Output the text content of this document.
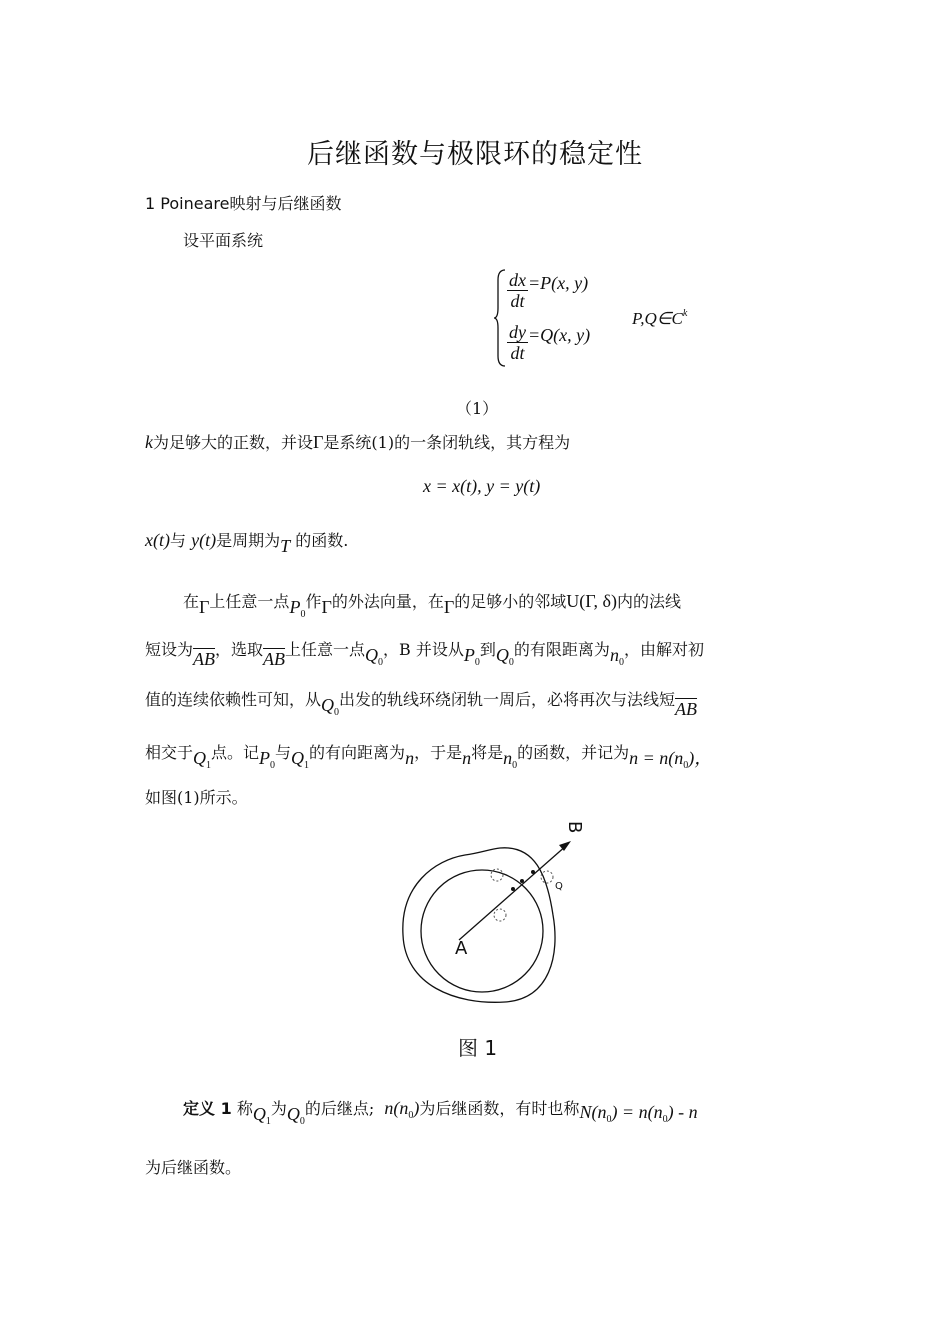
后继函数与极限环的稳定性
1 Poineare映射与后继函数
设平面系统
$\frac{dx}{dt} =P(x$, y)
$\frac{dy}{dt} =Q(x$, y)
$P,Q\in C^k$
（1）
k为足够大的正数，并设Γ是系统(1)的一条闭轨线，其方程为
x = x(t), y = y(t)
x(t)与 y(t)是周期为T 的函数.
在Γ上任意一点$P_0$作Γ的外法向量，在Γ的足够小的邻域U(Γ, δ)内的法线
短设为$\overline{AB}$，选取$\overline{AB}$上任意一点$Q_0$，B 并设从$P_0$到$Q_0$的有限距离为$n_0$，由解对初
值的连续依赖性可知，从$Q_0$出发的轨线环绕闭轨一周后，必将再次与法线短$\overline{AB}$
相交于$Q_1$点。记$P_0$与$Q_1$的有向距离为n，于是n将是$n_0$的函数，并记为$n = n(n_0)$，
如图(1)所示。
A
B
Q
图 1
定义 1 称$Q_1$为$Q_0$的后继点; $n(n_0)$为后继函数，有时也称$N(n_0) = n(n_0) - n$
为后继函数。
